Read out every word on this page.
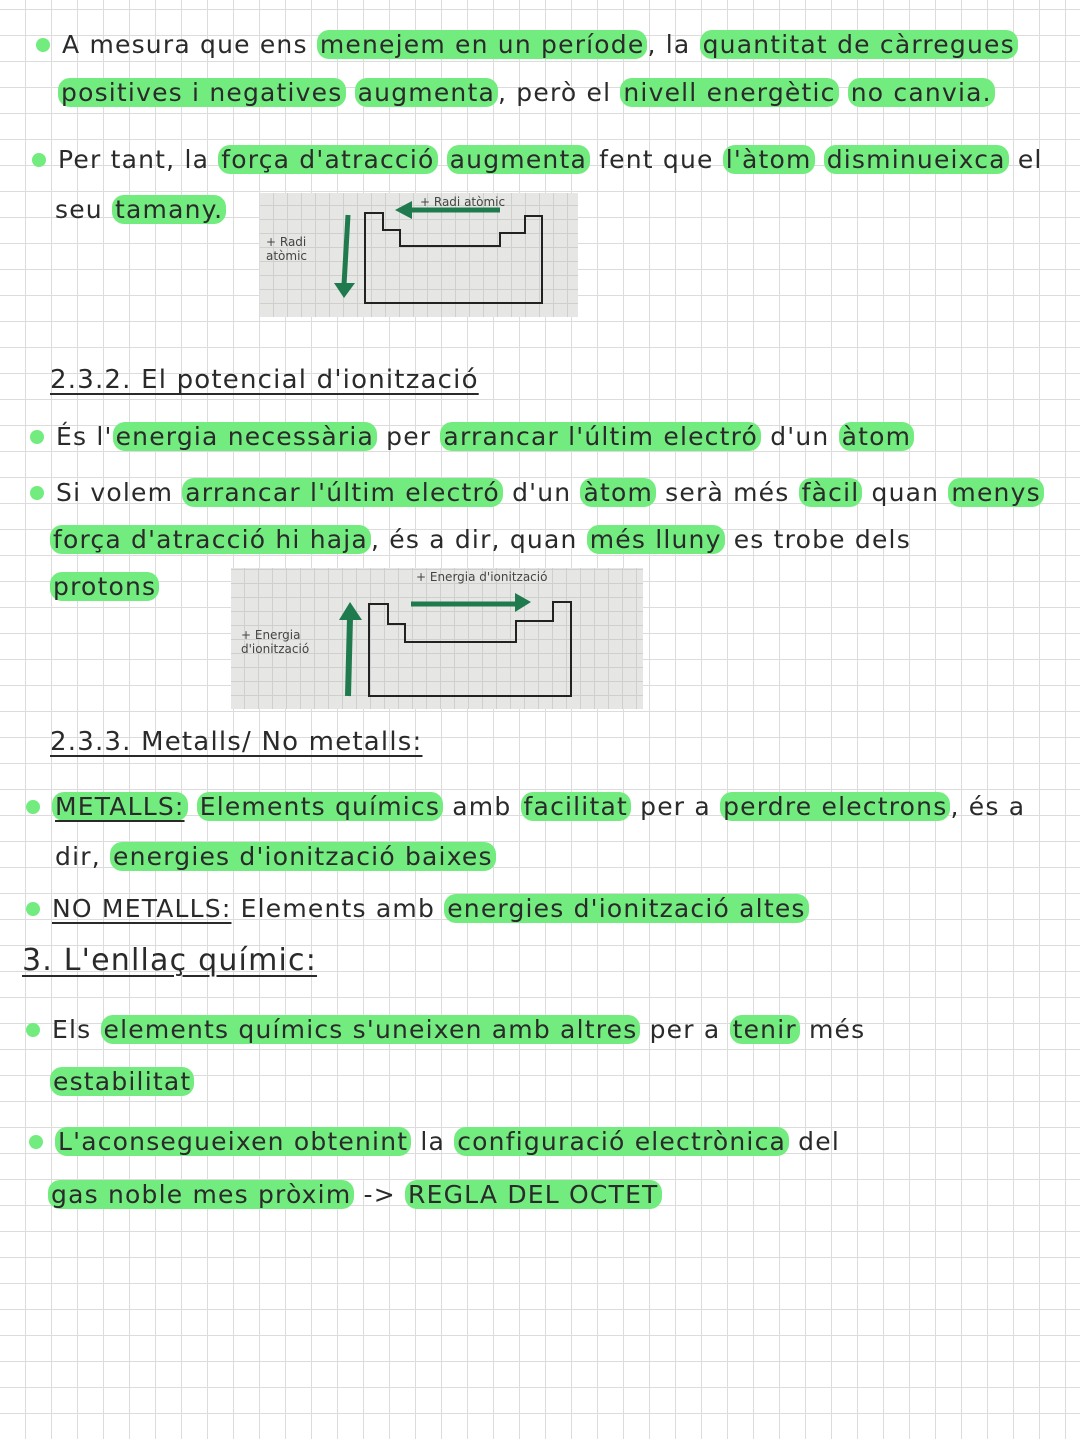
A mesura que ens menejem en un període , la quantitat de càrregues
positives i negatives augmenta , però el nivell energètic no canvia.
Per tant, la força d'atracció augmenta fent que l'àtom disminueixca el
seu tamany.
2.3.2. El potencial d'ionització
És l' energia necessària per arrancar l'últim electró d'un àtom
Si volem arrancar l'últim electró d'un àtom serà més fàcil quan menys
força d'atracció hi haja , és a dir, quan més lluny es trobe dels
protons
2.3.3. Metalls/ No metalls:
METALLS: Elements químics amb facilitat per a perdre electrons , és a
dir, energies d'ionització baixes
NO METALLS: Elements amb energies d'ionització altes
3. L'enllaç químic:
Els elements químics s'uneixen amb altres per a tenir més
estabilitat
L'aconsegueixen obtenint la configuració electrònica del
gas noble mes pròxim -> REGLA DEL OCTET
+ Radi atòmic
+ Radi atòmic
+ Energia d'ionització
+ Energia d'ionització
